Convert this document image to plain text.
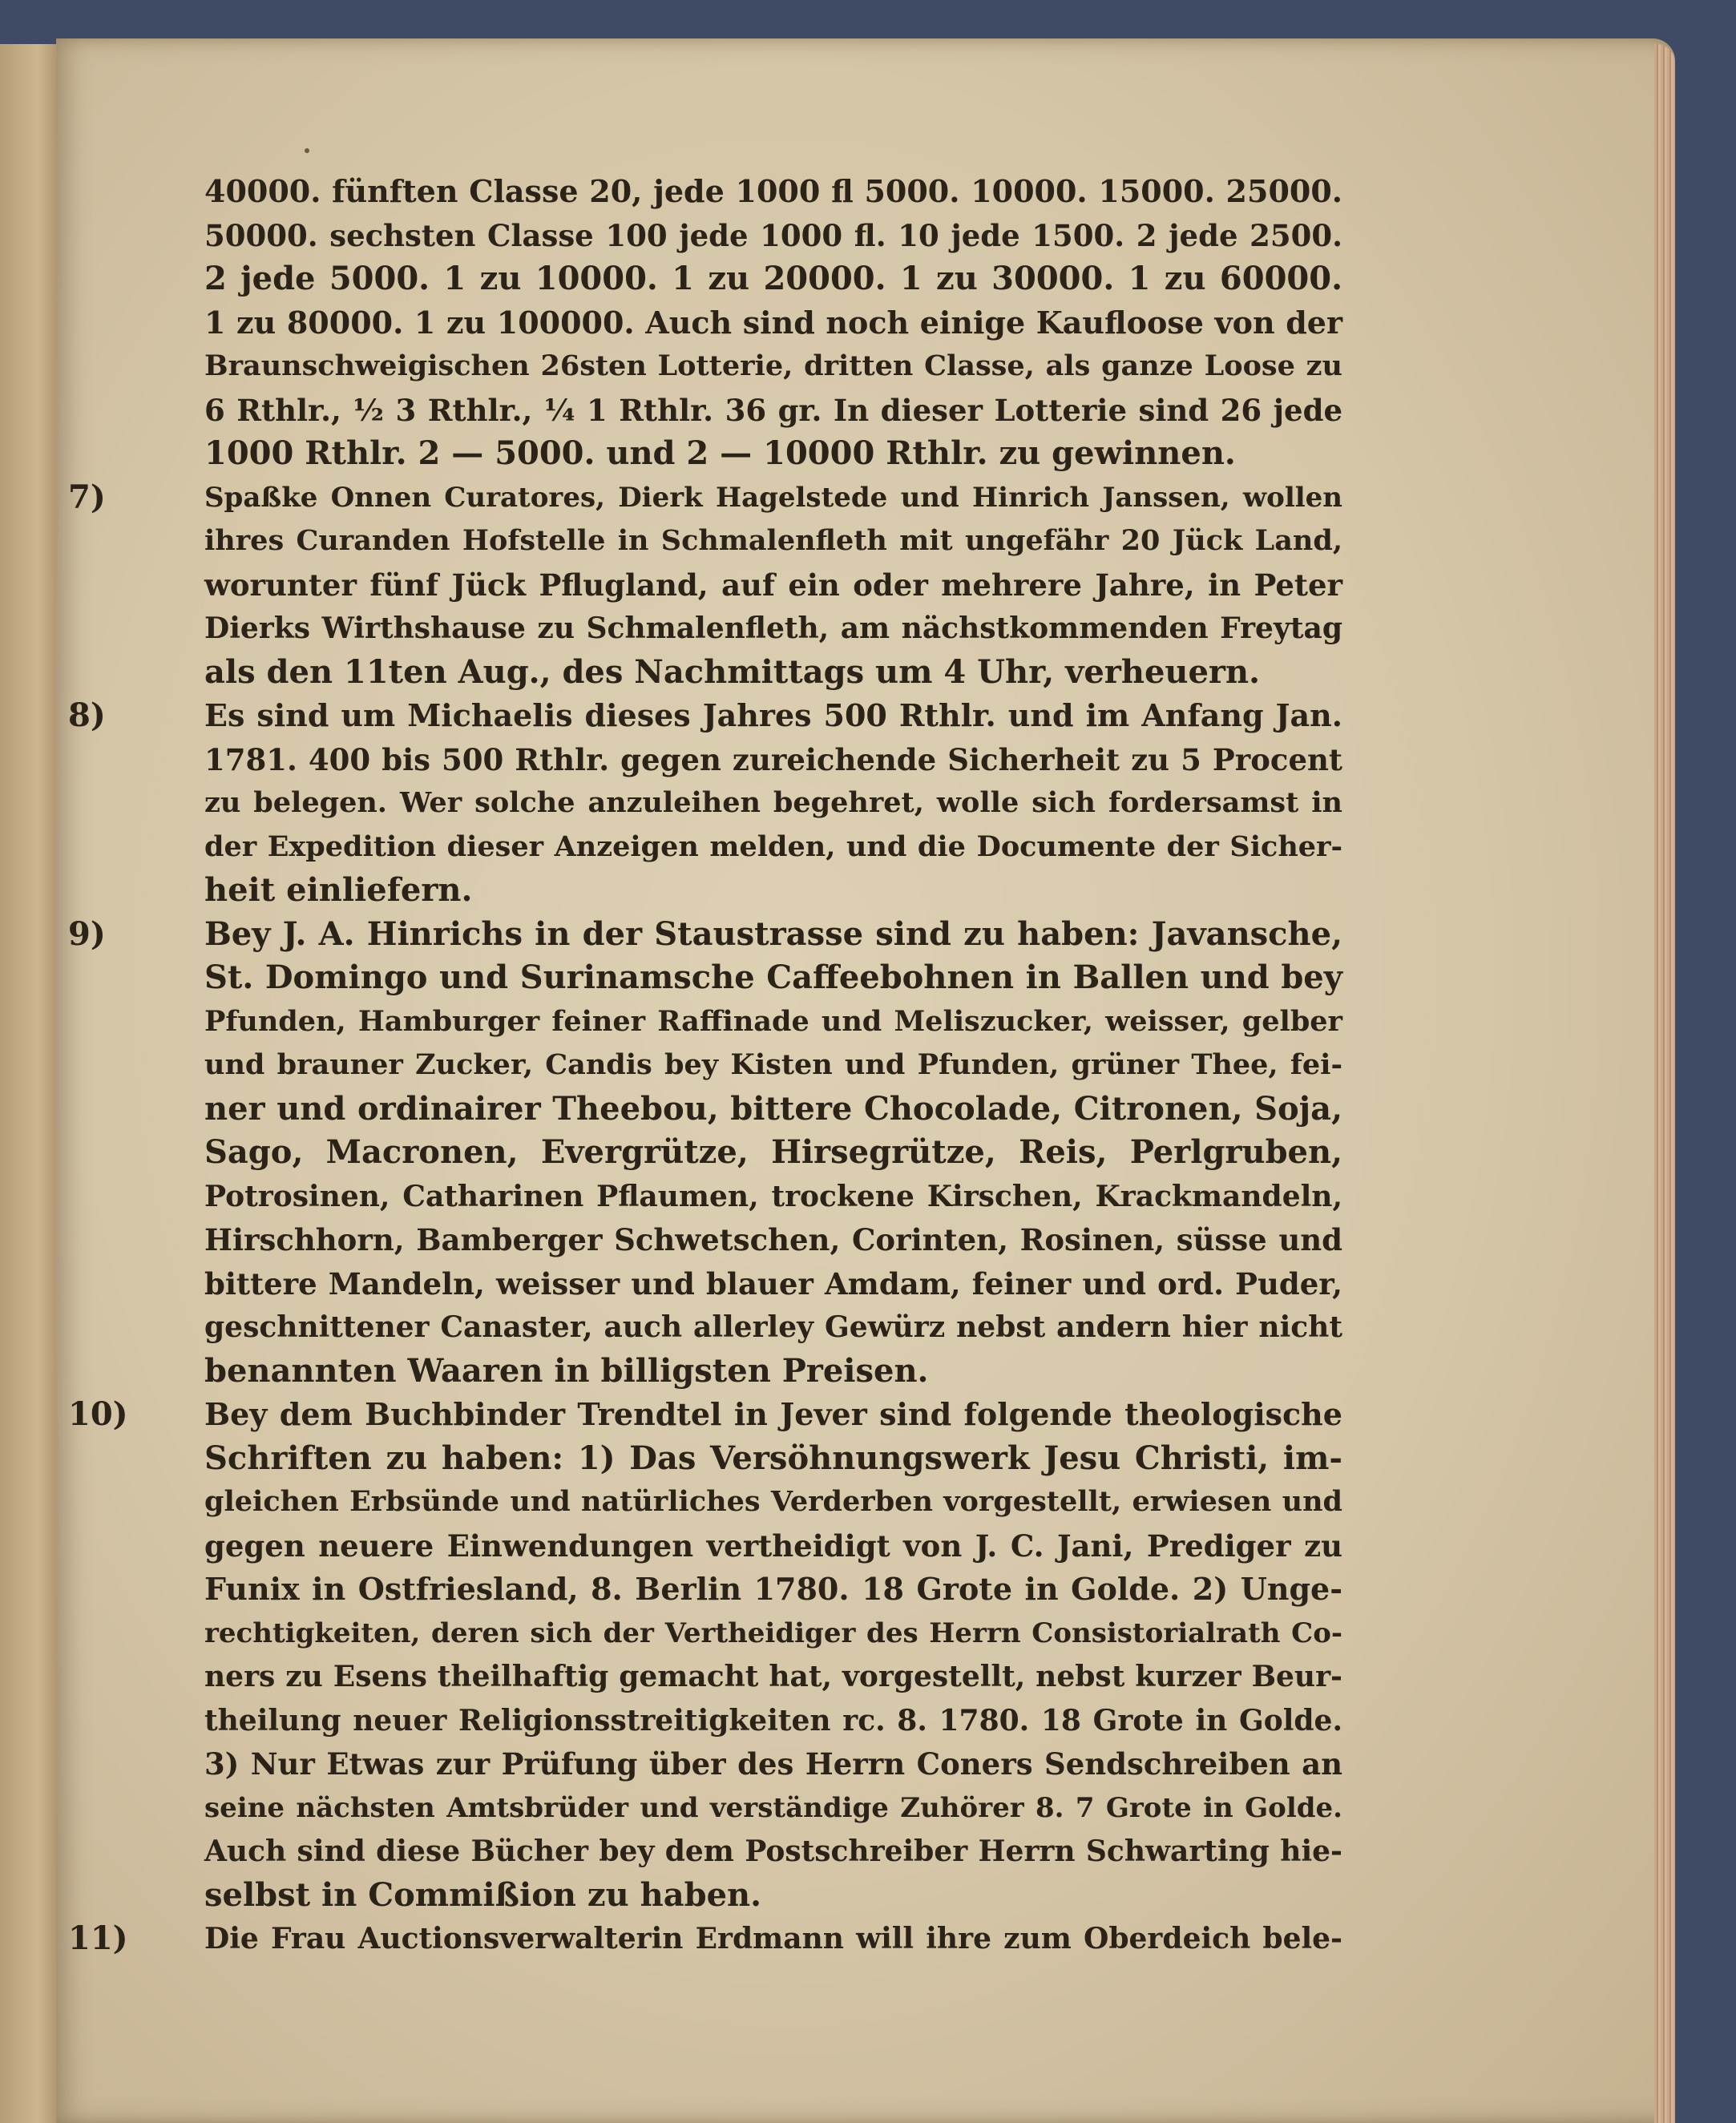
40000. fünften Classe 20, jede 1000 fl 5000. 10000. 15000. 25000.
50000. sechsten Classe 100 jede 1000 fl. 10 jede 1500. 2 jede 2500.
2 jede 5000. 1 zu 10000. 1 zu 20000. 1 zu 30000. 1 zu 60000.
1 zu 80000. 1 zu 100000. Auch sind noch einige Kaufloose von der
Braunschweigischen 26sten Lotterie, dritten Classe, als ganze Loose zu
6 Rthlr., ½ 3 Rthlr., ¼ 1 Rthlr. 36 gr. In dieser Lotterie sind 26 jede
1000 Rthlr. 2 — 5000. und 2 — 10000 Rthlr. zu gewinnen.
7)	Spaßke Onnen Curatores, Dierk Hagelstede und Hinrich Janssen, wollen
ihres Curanden Hofstelle in Schmalenfleth mit ungefähr 20 Jück Land,
worunter fünf Jück Pflugland, auf ein oder mehrere Jahre, in Peter
Dierks Wirthshause zu Schmalenfleth, am nächstkommenden Freytag
als den 11ten Aug., des Nachmittags um 4 Uhr, verheuern.
8)	Es sind um Michaelis dieses Jahres 500 Rthlr. und im Anfang Jan.
1781. 400 bis 500 Rthlr. gegen zureichende Sicherheit zu 5 Procent
zu belegen. Wer solche anzuleihen begehret, wolle sich fordersamst in
der Expedition dieser Anzeigen melden, und die Documente der Sicher-
heit einliefern.
9)	Bey J. A. Hinrichs in der Staustrasse sind zu haben: Javansche,
St. Domingo und Surinamsche Caffeebohnen in Ballen und bey
Pfunden, Hamburger feiner Raffinade und Meliszucker, weisser, gelber
und brauner Zucker, Candis bey Kisten und Pfunden, grüner Thee, fei-
ner und ordinairer Theebou, bittere Chocolade, Citronen, Soja,
Sago, Macronen, Evergrütze, Hirsegrütze, Reis, Perlgruben,
Potrosinen, Catharinen Pflaumen, trockene Kirschen, Krackmandeln,
Hirschhorn, Bamberger Schwetschen, Corinten, Rosinen, süsse und
bittere Mandeln, weisser und blauer Amdam, feiner und ord. Puder,
geschnittener Canaster, auch allerley Gewürz nebst andern hier nicht
benannten Waaren in billigsten Preisen.
10)	Bey dem Buchbinder Trendtel in Jever sind folgende theologische
Schriften zu haben: 1) Das Versöhnungswerk Jesu Christi, im-
gleichen Erbsünde und natürliches Verderben vorgestellt, erwiesen und
gegen neuere Einwendungen vertheidigt von J. C. Jani, Prediger zu
Funix in Ostfriesland, 8. Berlin 1780. 18 Grote in Golde. 2) Unge-
rechtigkeiten, deren sich der Vertheidiger des Herrn Consistorialrath Co-
ners zu Esens theilhaftig gemacht hat, vorgestellt, nebst kurzer Beur-
theilung neuer Religionsstreitigkeiten rc. 8. 1780. 18 Grote in Golde.
3) Nur Etwas zur Prüfung über des Herrn Coners Sendschreiben an
seine nächsten Amtsbrüder und verständige Zuhörer 8. 7 Grote in Golde.
Auch sind diese Bücher bey dem Postschreiber Herrn Schwarting hie-
selbst in Commißion zu haben.
11)	Die Frau Auctionsverwalterin Erdmann will ihre zum Oberdeich bele-
